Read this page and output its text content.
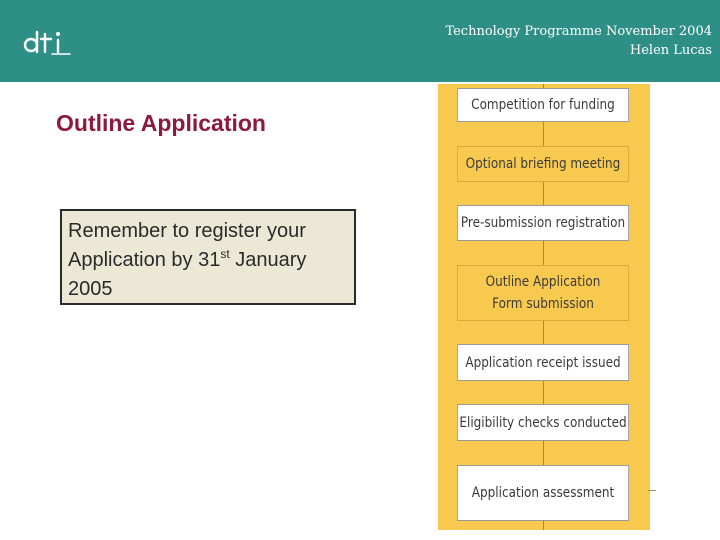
Technology Programme November 2004
Helen Lucas
Outline Application
Remember to register your Application by 31st January 2005
Competition for funding
Optional briefing meeting
Pre-submission registration
Outline Application Form submission
Application receipt issued
Eligibility checks conducted
Application assessment
